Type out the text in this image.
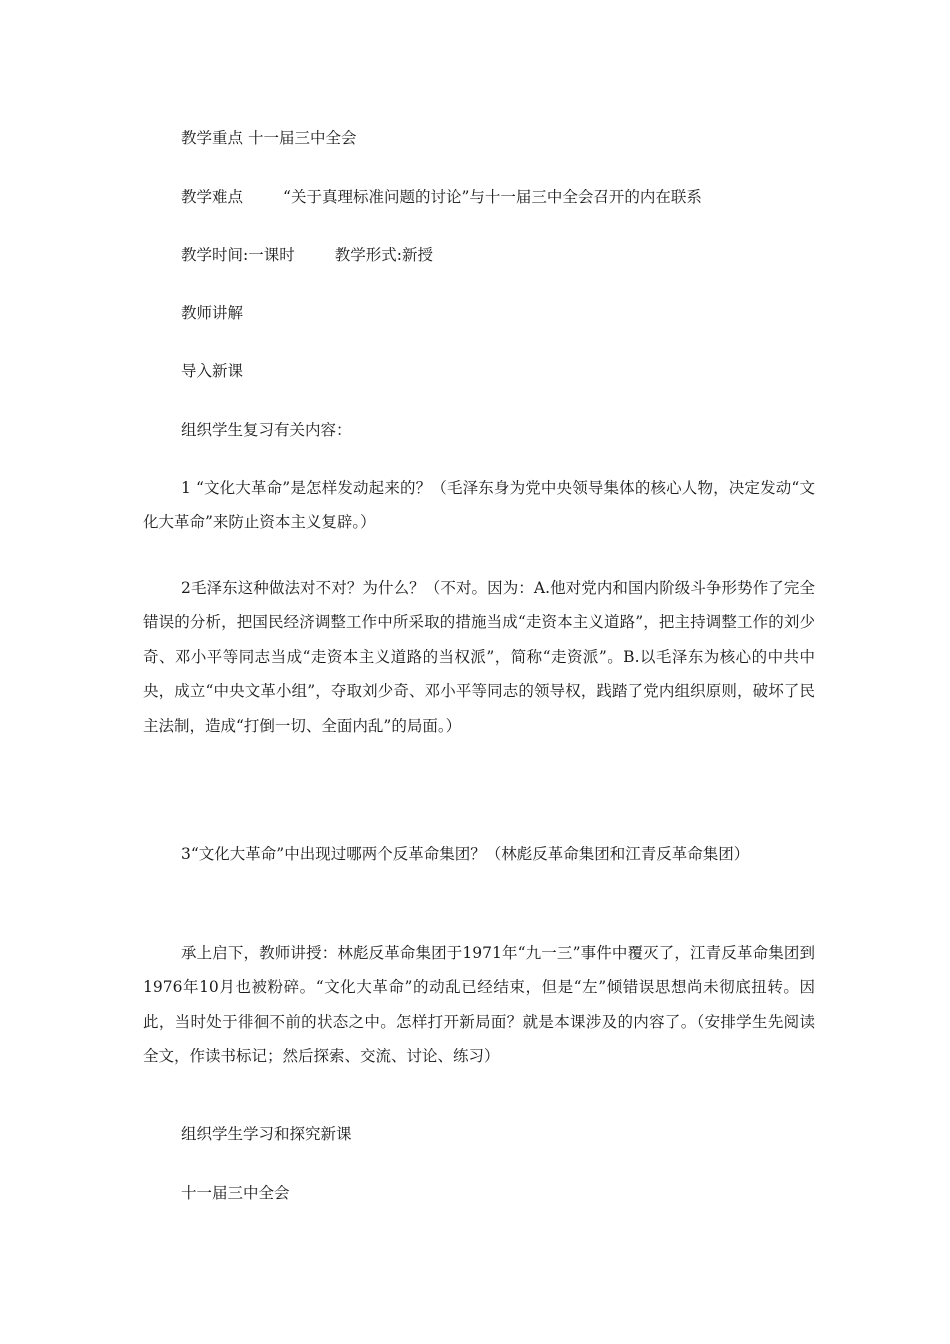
教学重点 十一届三中全会

教学难点	“关于真理标准问题的讨论”与十一届三中全会召开的内在联系

教学时间:一课时	教学形式:新授

教师讲解

导入新课

组织学生复习有关内容：

1 “文化大革命”是怎样发动起来的？（毛泽东身为党中央领导集体的核心人物，决定发动“文化大革命”来防止资本主义复辟。）

2毛泽东这种做法对不对？为什么？（不对。因为：A.他对党内和国内阶级斗争形势作了完全错误的分析，把国民经济调整工作中所采取的措施当成“走资本主义道路”，把主持调整工作的刘少奇、邓小平等同志当成“走资本主义道路的当权派”，简称“走资派”。B.以毛泽东为核心的中共中央，成立“中央文革小组”，夺取刘少奇、邓小平等同志的领导权，践踏了党内组织原则，破坏了民主法制，造成“打倒一切、全面内乱”的局面。）

3“文化大革命”中出现过哪两个反革命集团？（林彪反革命集团和江青反革命集团）

承上启下，教师讲授：林彪反革命集团于1971年“九一三”事件中覆灭了，江青反革命集团到1976年10月也被粉碎。“文化大革命”的动乱已经结束，但是“左”倾错误思想尚未彻底扭转。因此，当时处于徘徊不前的状态之中。怎样打开新局面？就是本课涉及的内容了。（安排学生先阅读全文，作读书标记；然后探索、交流、讨论、练习）

组织学生学习和探究新课

十一届三中全会
